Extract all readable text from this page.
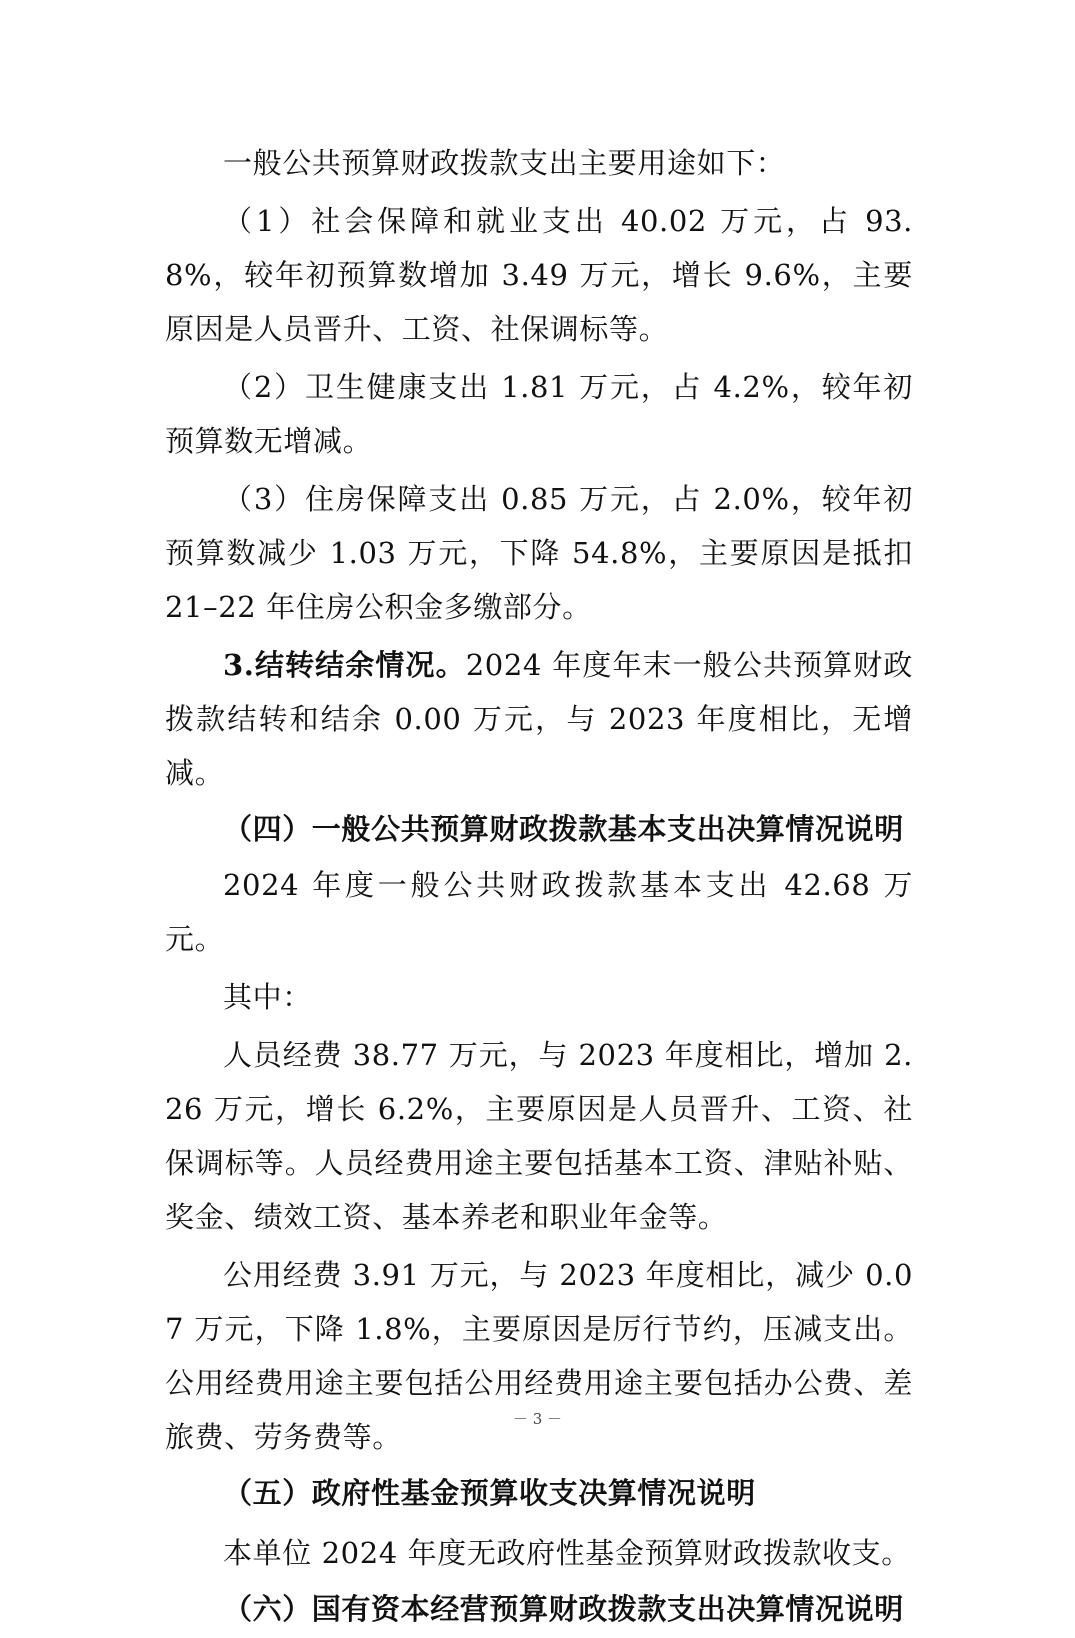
一般公共预算财政拨款支出主要用途如下：

（1）社会保障和就业支出 40.02 万元，占 93.8%，较年初预算数增加 3.49 万元，增长 9.6%，主要原因是人员晋升、工资、社保调标等。

（2）卫生健康支出 1.81 万元，占 4.2%，较年初预算数无增减。

（3）住房保障支出 0.85 万元，占 2.0%，较年初预算数减少 1.03 万元，下降 54.8%，主要原因是抵扣 21–22 年住房公积金多缴部分。

3.结转结余情况。2024 年度年末一般公共预算财政拨款结转和结余 0.00 万元，与 2023 年度相比，无增减。

（四）一般公共预算财政拨款基本支出决算情况说明

2024 年度一般公共财政拨款基本支出 42.68 万元。

其中：

人员经费 38.77 万元，与 2023 年度相比，增加 2.26 万元，增长 6.2%，主要原因是人员晋升、工资、社保调标等。人员经费用途主要包括基本工资、津贴补贴、奖金、绩效工资、基本养老和职业年金等。

公用经费 3.91 万元，与 2023 年度相比，减少 0.07 万元，下降 1.8%，主要原因是厉行节约，压减支出。公用经费用途主要包括公用经费用途主要包括办公费、差旅费、劳务费等。

（五）政府性基金预算收支决算情况说明

本单位 2024 年度无政府性基金预算财政拨款收支。

（六）国有资本经营预算财政拨款支出决算情况说明

－ 3 －
